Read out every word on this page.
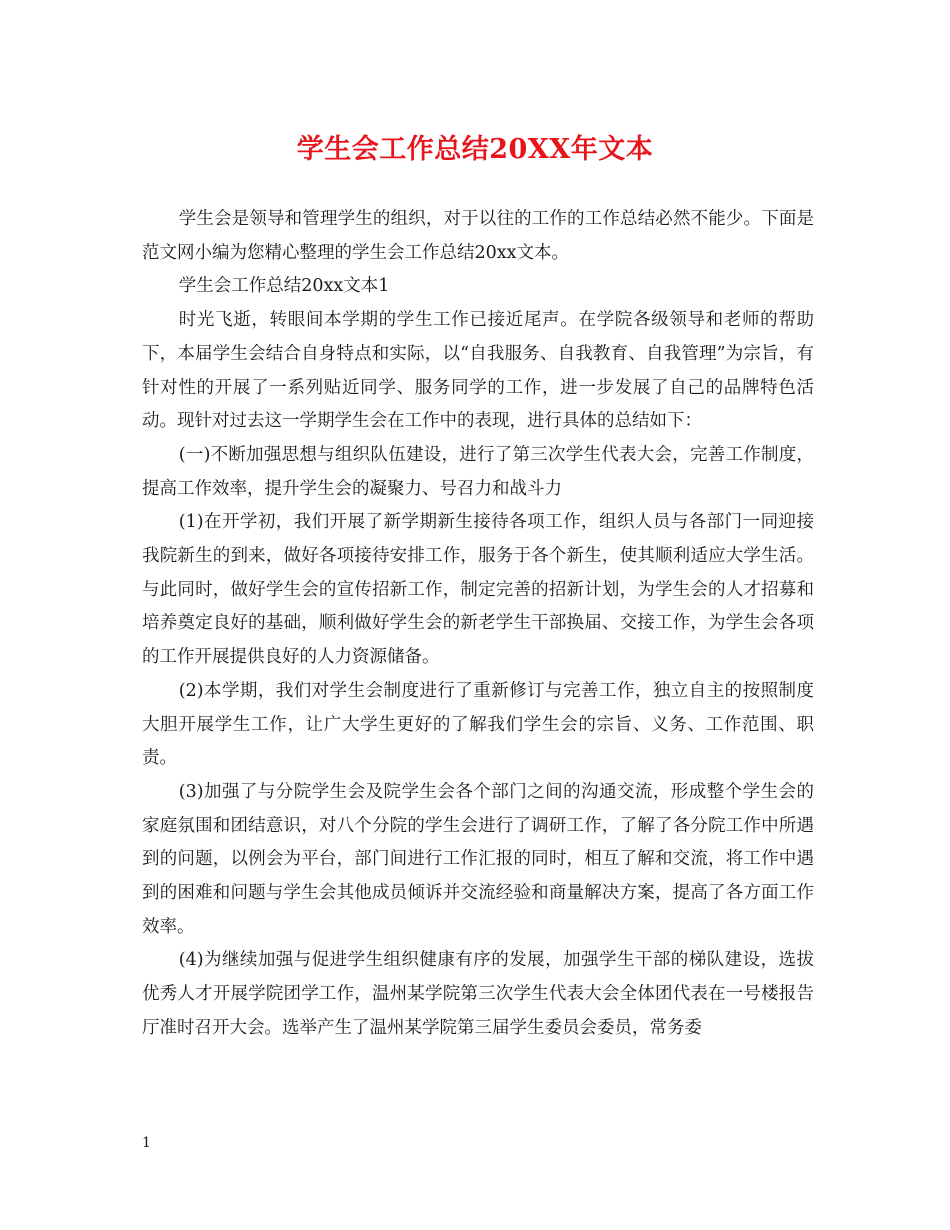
学生会工作总结20XX年文本

学生会是领导和管理学生的组织，对于以往的工作的工作总结必然不能少。下面是范文网小编为您精心整理的学生会工作总结20xx文本。

学生会工作总结20xx文本1

时光飞逝，转眼间本学期的学生工作已接近尾声。在学院各级领导和老师的帮助下，本届学生会结合自身特点和实际，以“自我服务、自我教育、自我管理”为宗旨，有针对性的开展了一系列贴近同学、服务同学的工作，进一步发展了自己的品牌特色活动。现针对过去这一学期学生会在工作中的表现，进行具体的总结如下：

(一)不断加强思想与组织队伍建设，进行了第三次学生代表大会，完善工作制度，提高工作效率，提升学生会的凝聚力、号召力和战斗力

(1)在开学初，我们开展了新学期新生接待各项工作，组织人员与各部门一同迎接我院新生的到来，做好各项接待安排工作，服务于各个新生，使其顺利适应大学生活。与此同时，做好学生会的宣传招新工作，制定完善的招新计划，为学生会的人才招募和培养奠定良好的基础，顺利做好学生会的新老学生干部换届、交接工作，为学生会各项的工作开展提供良好的人力资源储备。

(2)本学期，我们对学生会制度进行了重新修订与完善工作，独立自主的按照制度大胆开展学生工作，让广大学生更好的了解我们学生会的宗旨、义务、工作范围、职责。

(3)加强了与分院学生会及院学生会各个部门之间的沟通交流，形成整个学生会的家庭氛围和团结意识，对八个分院的学生会进行了调研工作，了解了各分院工作中所遇到的问题，以例会为平台，部门间进行工作汇报的同时，相互了解和交流，将工作中遇到的困难和问题与学生会其他成员倾诉并交流经验和商量解决方案，提高了各方面工作效率。

(4)为继续加强与促进学生组织健康有序的发展，加强学生干部的梯队建设，选拔优秀人才开展学院团学工作，温州某学院第三次学生代表大会全体团代表在一号楼报告厅准时召开大会。选举产生了温州某学院第三届学生委员会委员，常务委

1
